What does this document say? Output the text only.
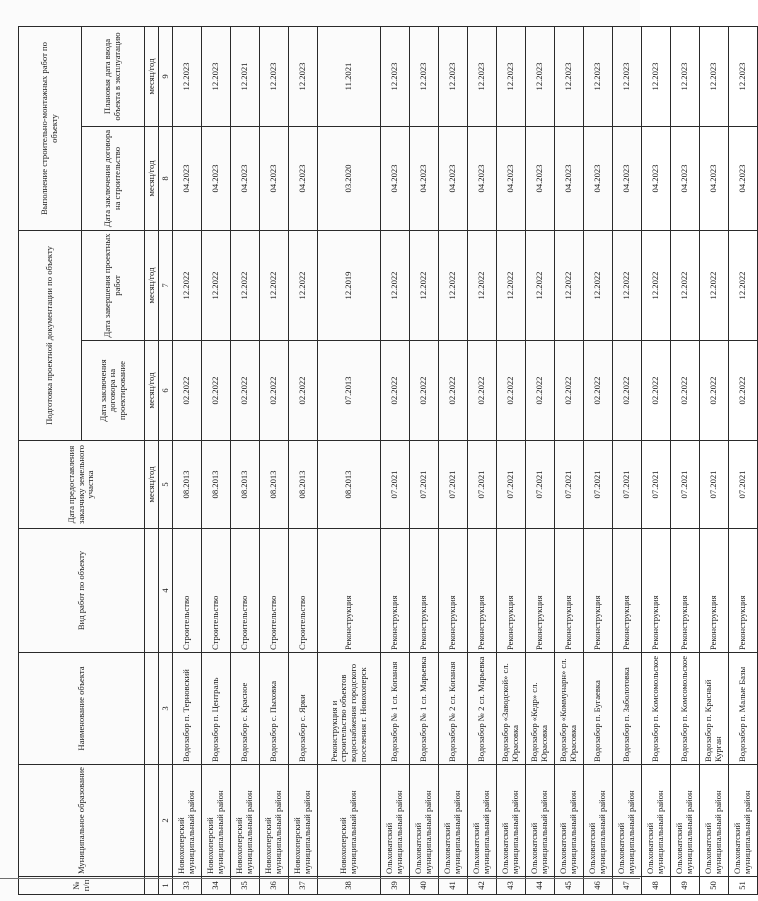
№ п/п	Муниципальное образование	Наименование объекта	Вид работ по объекту	Дата предоставления заказчику земельного участка	Подготовка проектной документации по объекту		Выполнение строительно-монтажных работ по объекту	
					Дата заключения договора на проектирование	Дата завершения проектных работ	Дата заключения договора на строительство	Плановая дата ввода объекта в эксплуатацию
				месяц/год	месяц/год	месяц/год	месяц/год	месяц/год
1	2	3	4	5	6	7	8	9
33	Новохоперский муниципальный район	Водозабор п. Терновский	Строительство	08.2013	02.2022	12.2022	04.2023	12.2023
34	Новохоперский муниципальный район	Водозабор п. Централь	Строительство	08.2013	02.2022	12.2022	04.2023	12.2023
35	Новохоперский муниципальный район	Водозабор с. Красное	Строительство	08.2013	02.2022	12.2022	04.2023	12.2021
36	Новохоперский муниципальный район	Водозабор с. Пыховка	Строительство	08.2013	02.2022	12.2022	04.2023	12.2023
37	Новохоперский муниципальный район	Водозабор с. Ярки	Строительство	08.2013	02.2022	12.2022	04.2023	12.2023
38	Новохоперский муниципальный район	Реконструкция и строительство объектов водоснабжения городского поселения г. Новохоперск	Реконструкция	08.2013	07.2013	12.2019	03.2020	11.2021
39	Ольховатский муниципальный район	Водозабор № 1 сл. Копаная	Реконструкция	07.2021	02.2022	12.2022	04.2023	12.2023
40	Ольховатский муниципальный район	Водозабор № 1 сл. Марьевка	Реконструкция	07.2021	02.2022	12.2022	04.2023	12.2023
41	Ольховатский муниципальный район	Водозабор № 2 сл. Копаная	Реконструкция	07.2021	02.2022	12.2022	04.2023	12.2023
42	Ольховатский муниципальный район	Водозабор № 2 сл. Марьевка	Реконструкция	07.2021	02.2022	12.2022	04.2023	12.2023
43	Ольховатский муниципальный район	Водозабор «Заводской» сл. Юрасовка	Реконструкция	07.2021	02.2022	12.2022	04.2023	12.2023
44	Ольховатский муниципальный район	Водозабор «Кедр» сл. Юрасовка	Реконструкция	07.2021	02.2022	12.2022	04.2023	12.2023
45	Ольховатский муниципальный район	Водозабор «Коммунарн» сл. Юрасовка	Реконструкция	07.2021	02.2022	12.2022	04.2023	12.2023
46	Ольховатский муниципальный район	Водозабор п. Бугаевка	Реконструкция	07.2021	02.2022	12.2022	04.2023	12.2023
47	Ольховатский муниципальный район	Водозабор п. Заболотовка	Реконструкция	07.2021	02.2022	12.2022	04.2023	12.2023
48	Ольховатский муниципальный район	Водозабор п. Комсомольское	Реконструкция	07.2021	02.2022	12.2022	04.2023	12.2023
49	Ольховатский муниципальный район	Водозабор п. Комсомольское	Реконструкция	07.2021	02.2022	12.2022	04.2023	12.2023
50	Ольховатский муниципальный район	Водозабор п. Красный Курган	Реконструкция	07.2021	02.2022	12.2022	04.2023	12.2023
51	Ольховатский муниципальный район	Водозабор п. Малые Базы	Реконструкция	07.2021	02.2022	12.2022	04.2023	12.2023
